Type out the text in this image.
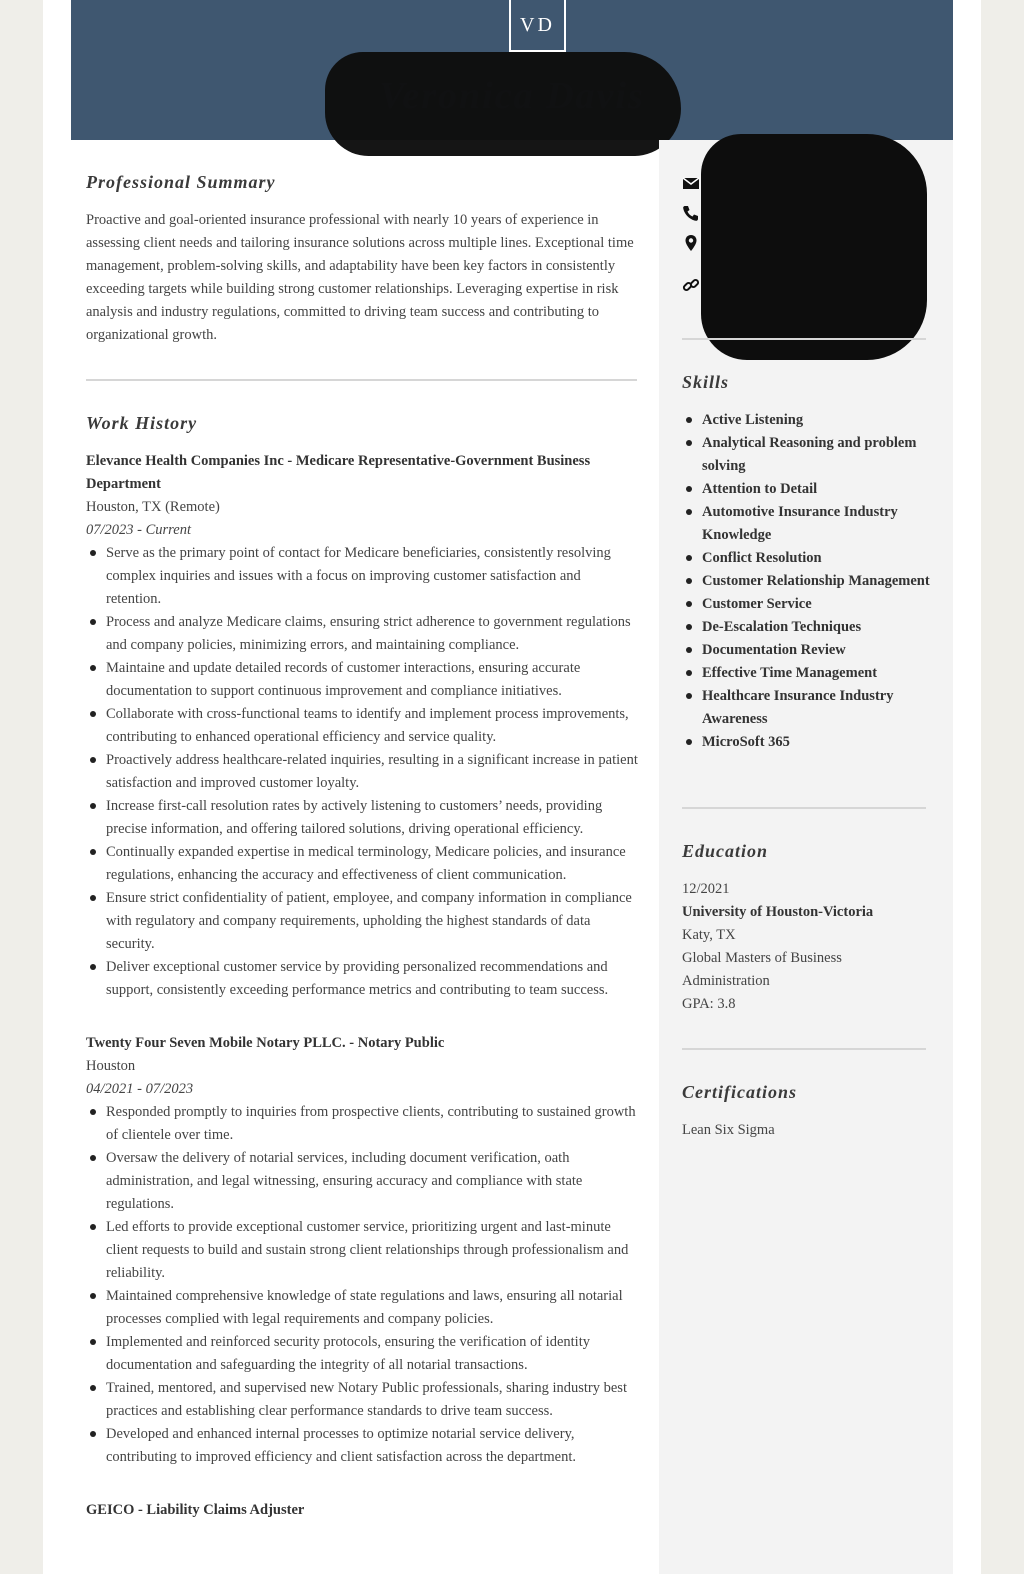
VD
Skills
Active Listening
Analytical Reasoning and problem solving
Attention to Detail
Automotive Insurance Industry Knowledge
Conflict Resolution
Customer Relationship Management
Customer Service
De-Escalation Techniques
Documentation Review
Effective Time Management
Healthcare Insurance Industry Awareness
MicroSoft 365
Education
12/2021
University of Houston-Victoria
Katy, TX
Global Masters of Business Administration
GPA: 3.8
Certifications
Lean Six Sigma
Professional Summary
Proactive and goal-oriented insurance professional with nearly 10 years of experience in assessing client needs and tailoring insurance solutions across multiple lines. Exceptional time management, problem-solving skills, and adaptability have been key factors in consistently exceeding targets while building strong customer relationships. Leveraging expertise in risk analysis and industry regulations, committed to driving team success and contributing to organizational growth.
Work History
Elevance Health Companies Inc - Medicare Representative-Government Business Department
Houston, TX (Remote)
07/2023 - Current
Serve as the primary point of contact for Medicare beneficiaries, consistently resolving complex inquiries and issues with a focus on improving customer satisfaction and retention.
Process and analyze Medicare claims, ensuring strict adherence to government regulations and company policies, minimizing errors, and maintaining compliance.
Maintaine and update detailed records of customer interactions, ensuring accurate documentation to support continuous improvement and compliance initiatives.
Collaborate with cross-functional teams to identify and implement process improvements, contributing to enhanced operational efficiency and service quality.
Proactively address healthcare-related inquiries, resulting in a significant increase in patient satisfaction and improved customer loyalty.
Increase first-call resolution rates by actively listening to customers’ needs, providing precise information, and offering tailored solutions, driving operational efficiency.
Continually expanded expertise in medical terminology, Medicare policies, and insurance regulations, enhancing the accuracy and effectiveness of client communication.
Ensure strict confidentiality of patient, employee, and company information in compliance with regulatory and company requirements, upholding the highest standards of data security.
Deliver exceptional customer service by providing personalized recommendations and support, consistently exceeding performance metrics and contributing to team success.
Twenty Four Seven Mobile Notary PLLC. - Notary Public
Houston
04/2021 - 07/2023
Responded promptly to inquiries from prospective clients, contributing to sustained growth of clientele over time.
Oversaw the delivery of notarial services, including document verification, oath administration, and legal witnessing, ensuring accuracy and compliance with state regulations.
Led efforts to provide exceptional customer service, prioritizing urgent and last-minute client requests to build and sustain strong client relationships through professionalism and reliability.
Maintained comprehensive knowledge of state regulations and laws, ensuring all notarial processes complied with legal requirements and company policies.
Implemented and reinforced security protocols, ensuring the verification of identity documentation and safeguarding the integrity of all notarial transactions.
Trained, mentored, and supervised new Notary Public professionals, sharing industry best practices and establishing clear performance standards to drive team success.
Developed and enhanced internal processes to optimize notarial service delivery, contributing to improved efficiency and client satisfaction across the department.
GEICO - Liability Claims Adjuster
